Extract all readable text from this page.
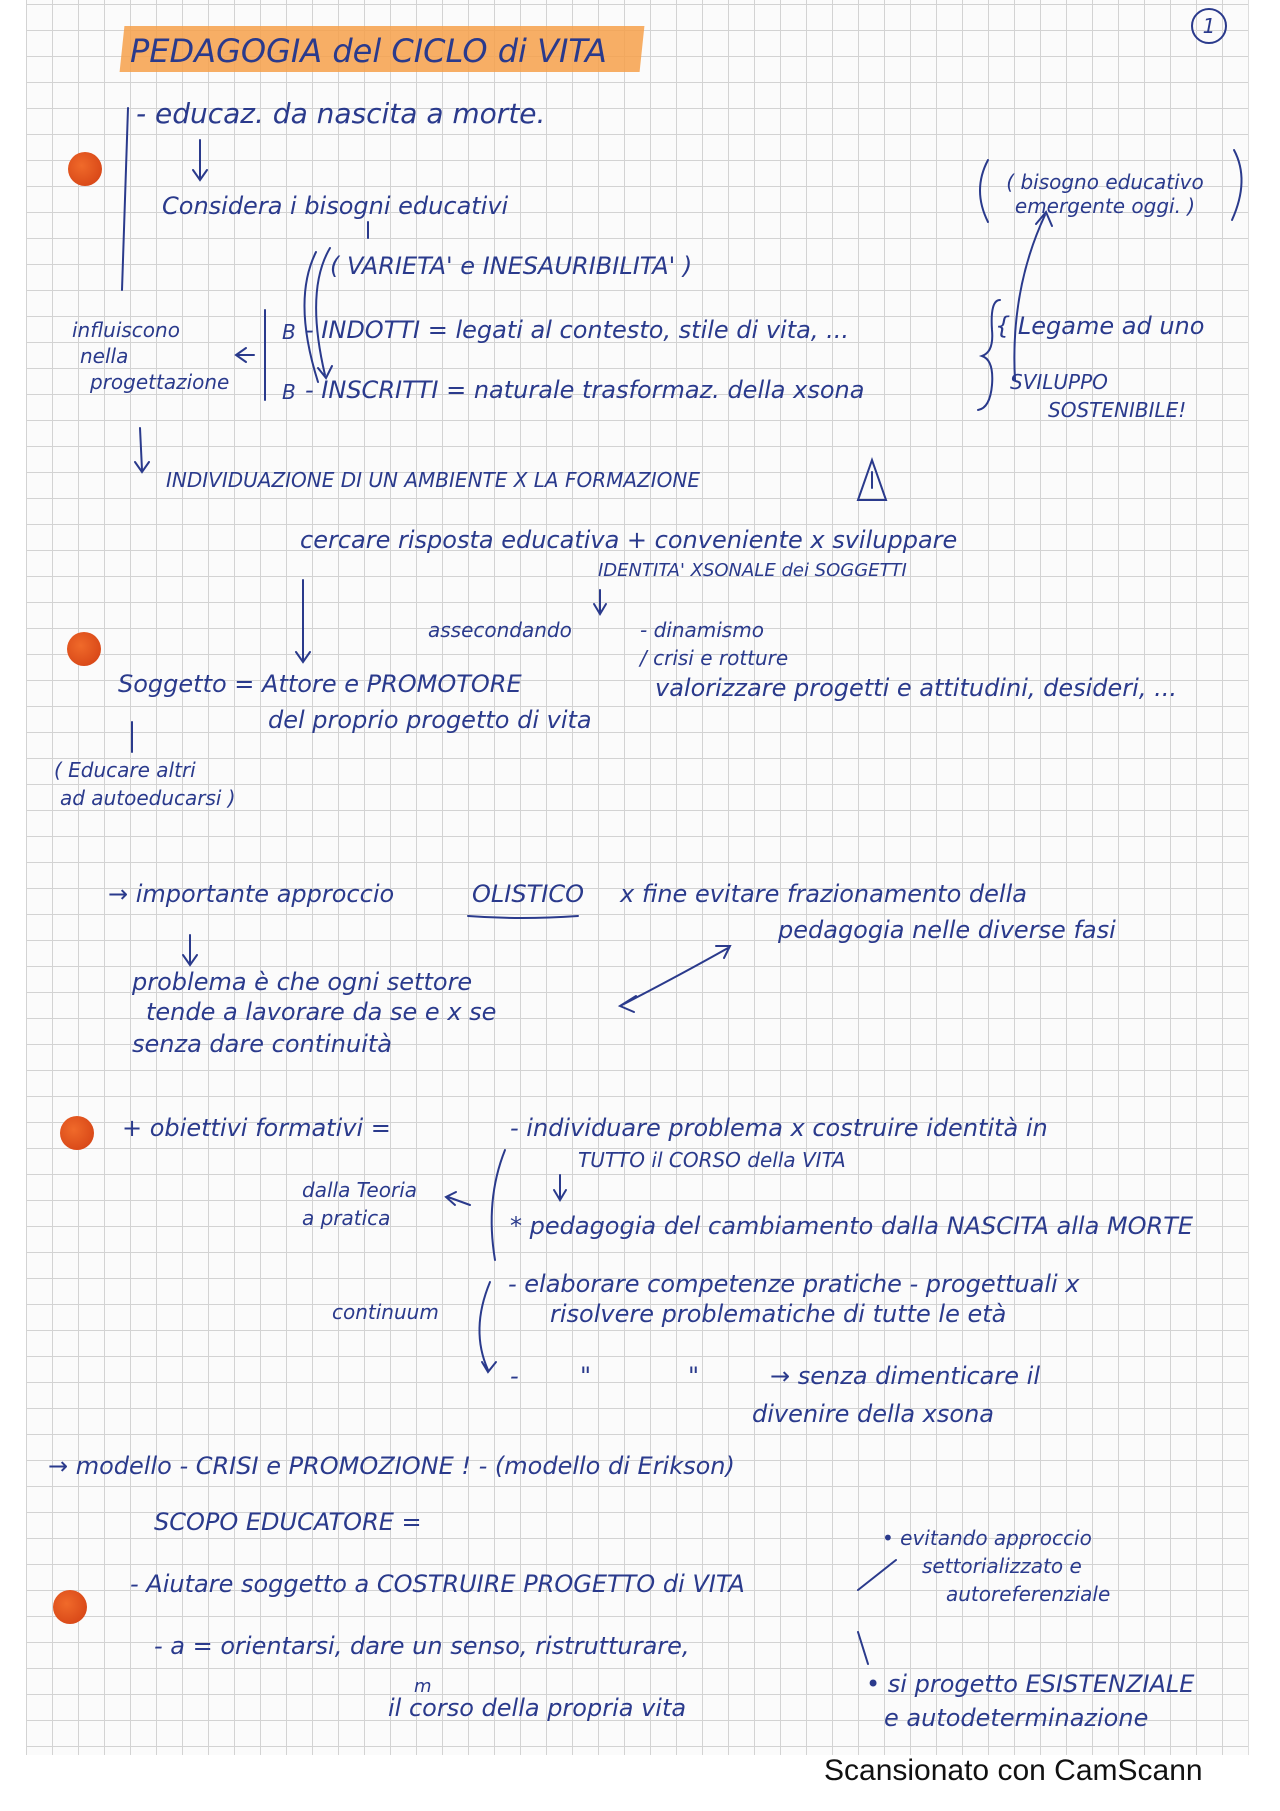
PEDAGOGIA del CICLO di VITA
1

- educaz. da nascita a morte.

Considera i bisogni educativi

( VARIETA' e INESAURIBILITA' )

( bisogno educativo emergente oggi. )

influiscono

nella

progettazione

B

B

- INDOTTI = legati al contesto, stile di vita, ...

- INSCRITTI = naturale trasformaz. della xsona

{ Legame ad uno

SVILUPPO

SOSTENIBILE!

INDIVIDUAZIONE DI UN AMBIENTE X LA FORMAZIONE

cercare risposta educativa + conveniente x sviluppare

IDENTITA' XSONALE dei SOGGETTI

assecondando	- dinamismo

/ crisi e rotture

valorizzare progetti e attitudini, desideri, ...

Soggetto = Attore e PROMOTORE

del proprio progetto di vita

( Educare altri

ad autoeducarsi )

→ importante approccio	OLISTICO x fine evitare frazionamento della

pedagogia nelle diverse fasi

problema è che ogni settore

tende a lavorare da se e x se

senza dare continuità

+ obiettivi formativi =	- individuare problema x costruire identità in

TUTTO il CORSO della VITA

dalla Teoria

a pratica	* pedagogia del cambiamento dalla NASCITA alla MORTE

continuum

- elaborare competenze pratiche - progettuali x

risolvere problematiche di tutte le età

-	"	"	→ senza dimenticare il

divenire della xsona

→ modello - CRISI e PROMOZIONE ! - (modello di Erikson)

SCOPO EDUCATORE =

- Aiutare soggetto a COSTRUIRE PROGETTO di VITA

- a = orientarsi, dare un senso, ristrutturare,

m

il corso della propria vita

• evitando approccio

settorializzato e

autoreferenziale

• si progetto ESISTENZIALE

e autodeterminazione

Scansionato con CamScann
